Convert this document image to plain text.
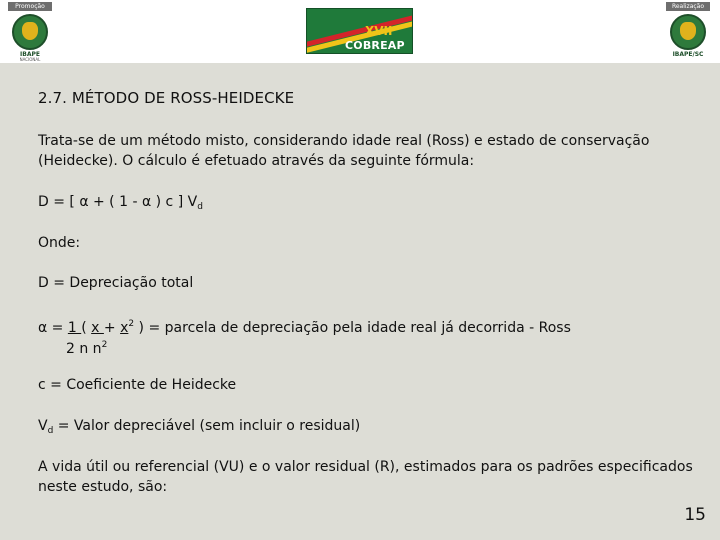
Promoção
IBAPE
NACIONAL
XVII
COBREAP
Realização
IBAPE/SC
2.7. MÉTODO DE ROSS-HEIDECKE
Trata-se de um método misto, considerando idade real (Ross) e estado de conservação
(Heidecke). O cálculo é efetuado através da seguinte fórmula:
D = [ α + ( 1 - α ) c ] $V_d$
Onde:
D = Depreciação total
α = 1 ( $x + x^2$ ) = parcela de depreciação pela idade real já decorrida - Ross
2 n $n^2$
c = Coeficiente de Heidecke
$V_d$ = Valor depreciável (sem incluir o residual)
A vida útil ou referencial (VU) e o valor residual (R), estimados para os padrões especificados
neste estudo, são:
15
